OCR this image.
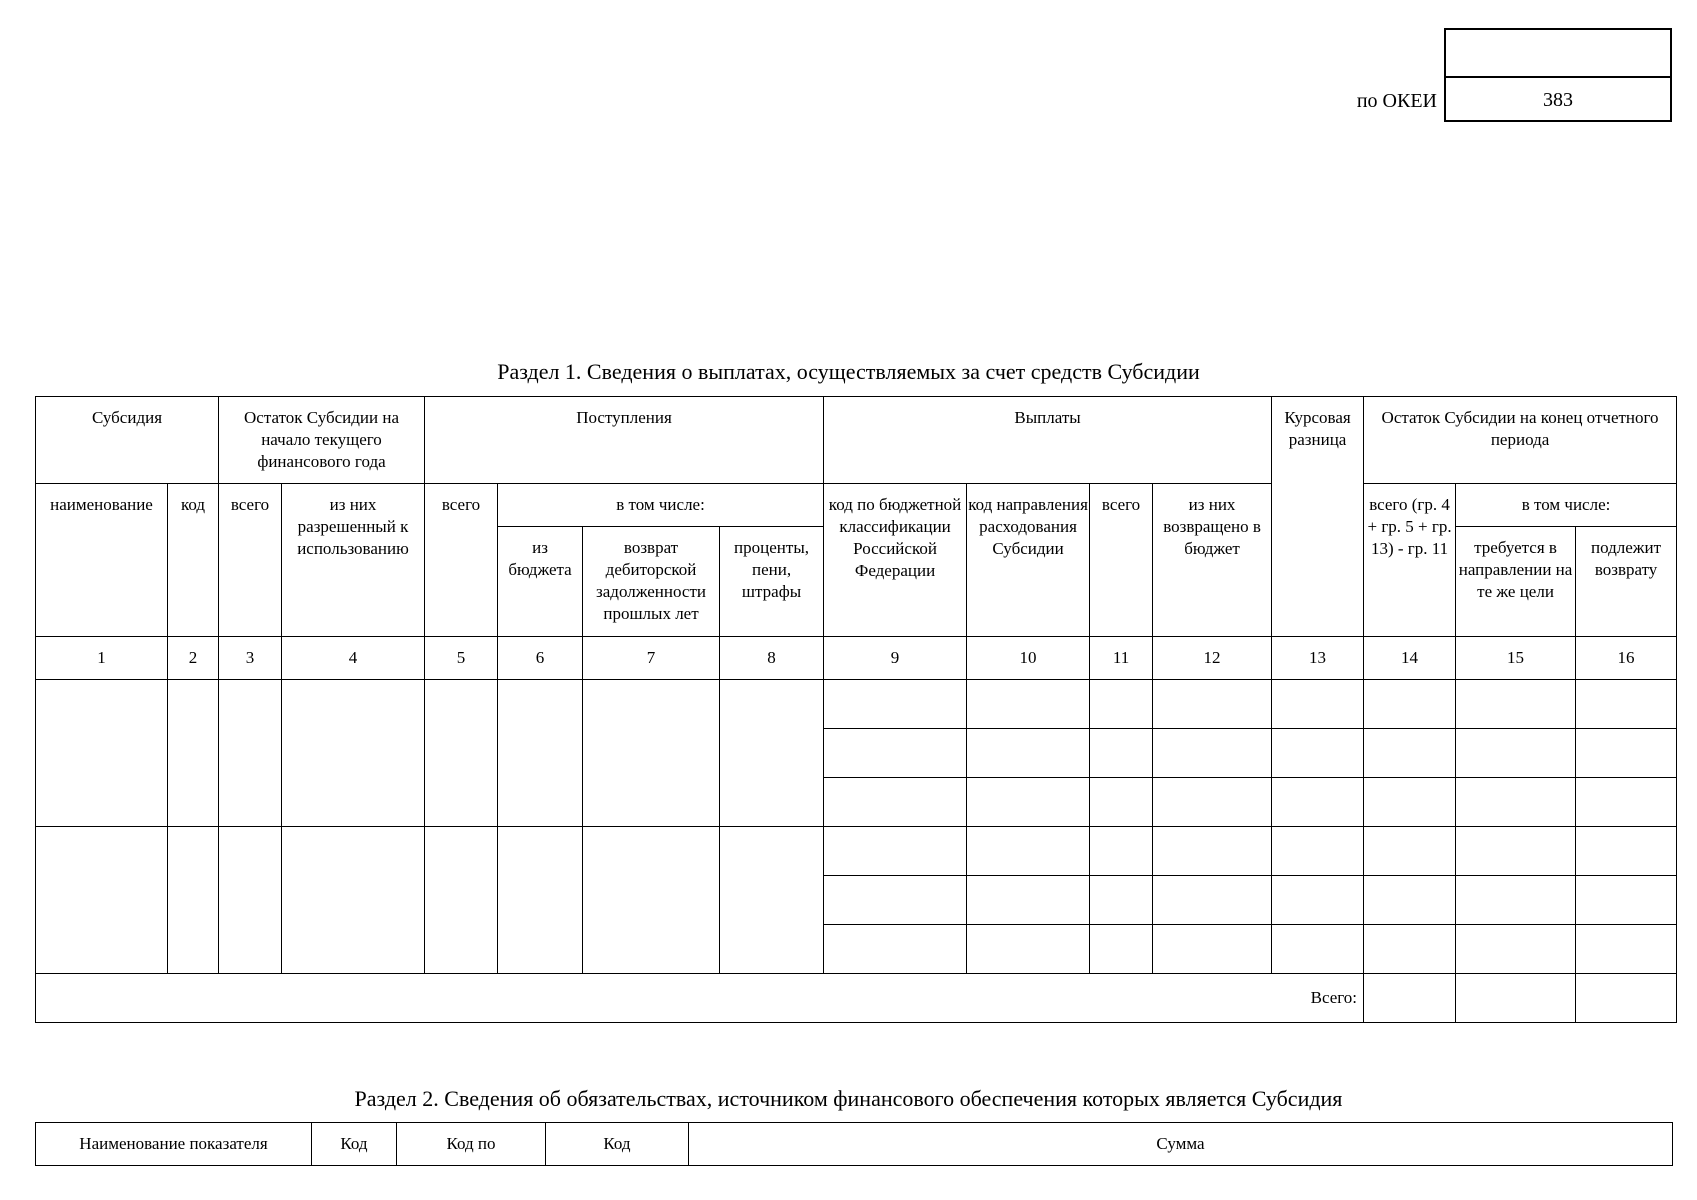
по ОКЕИ	383
Раздел 1. Сведения о выплатах, осуществляемых за счет средств Субсидии
Субсидия		Остаток Субсидии на начало текущего финансового года		Поступления				Выплаты				Курсовая разница	Остаток Субсидии на конец отчетного периода		
наименование	код	всего	из них разрешенный к использованию	всего	в том числе:			код по бюджетной классификации Российской Федерации	код направления расходования Субсидии	всего	из них возвращено в бюджет		всего (гр. 4 + гр. 5 + гр. 13) - гр. 11	в том числе:	
					из бюджета	возврат дебиторской задолженности прошлых лет	проценты, пени, штрафы							требуется в направлении на те же цели	подлежит возврату
1	2	3	4	5	6	7	8	9	10	11	12	13	14	15	16

Всего:															
Раздел 2. Сведения об обязательствах, источником финансового обеспечения которых является Субсидия
Наименование показателя	Код	Код по	Код	Сумма
